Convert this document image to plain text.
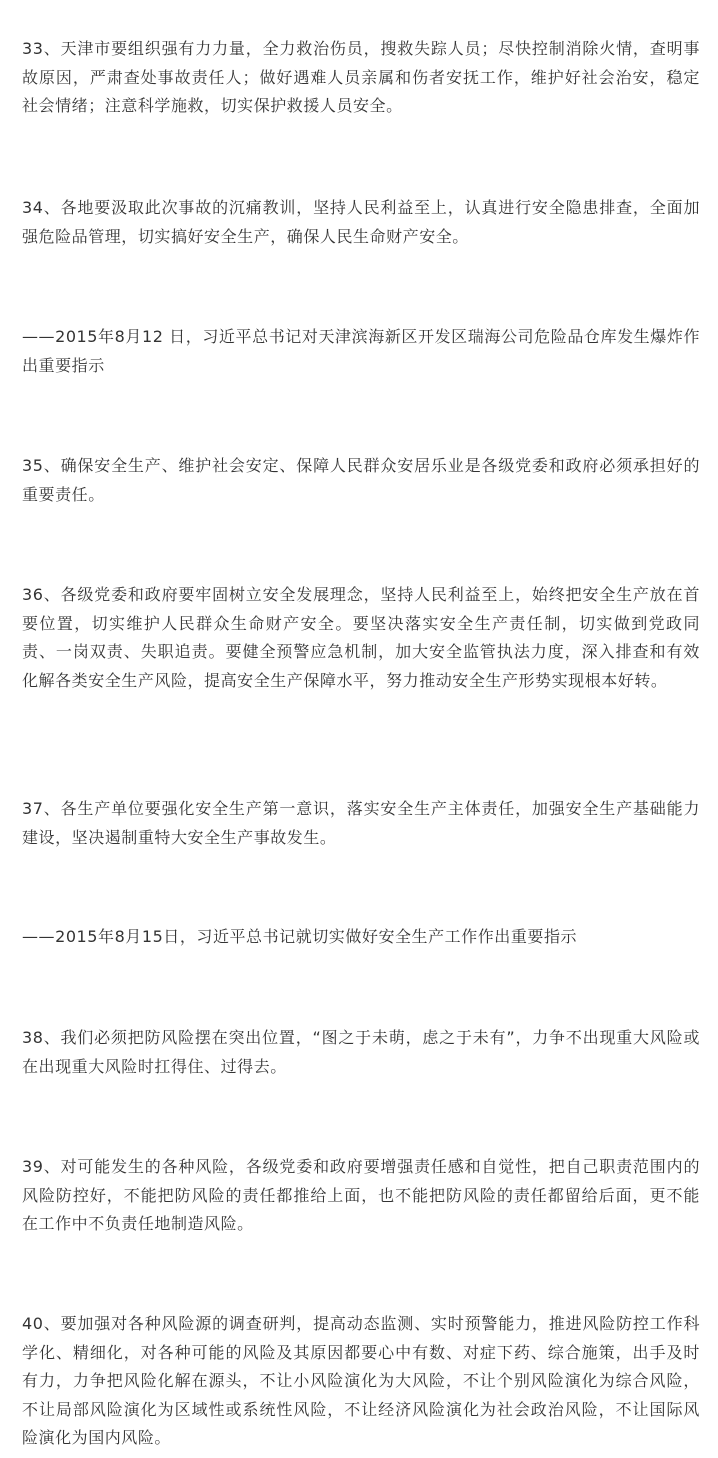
33、天津市要组织强有力力量，全力救治伤员，搜救失踪人员；尽快控制消除火情，查明事故原因，严肃查处事故责任人；做好遇难人员亲属和伤者安抚工作，维护好社会治安，稳定社会情绪；注意科学施救，切实保护救援人员安全。

34、各地要汲取此次事故的沉痛教训，坚持人民利益至上，认真进行安全隐患排查，全面加强危险品管理，切实搞好安全生产，确保人民生命财产安全。

——2015年8月12 日，习近平总书记对天津滨海新区开发区瑞海公司危险品仓库发生爆炸作出重要指示

35、确保安全生产、维护社会安定、保障人民群众安居乐业是各级党委和政府必须承担好的重要责任。

36、各级党委和政府要牢固树立安全发展理念，坚持人民利益至上，始终把安全生产放在首要位置，切实维护人民群众生命财产安全。要坚决落实安全生产责任制，切实做到党政同责、一岗双责、失职追责。要健全预警应急机制，加大安全监管执法力度，深入排查和有效化解各类安全生产风险，提高安全生产保障水平，努力推动安全生产形势实现根本好转。

37、各生产单位要强化安全生产第一意识，落实安全生产主体责任，加强安全生产基础能力建设，坚决遏制重特大安全生产事故发生。

——2015年8月15日，习近平总书记就切实做好安全生产工作作出重要指示

38、我们必须把防风险摆在突出位置，“图之于未萌，虑之于未有”，力争不出现重大风险或在出现重大风险时扛得住、过得去。

39、对可能发生的各种风险，各级党委和政府要增强责任感和自觉性，把自己职责范围内的风险防控好，不能把防风险的责任都推给上面，也不能把防风险的责任都留给后面，更不能在工作中不负责任地制造风险。

40、要加强对各种风险源的调查研判，提高动态监测、实时预警能力，推进风险防控工作科学化、精细化，对各种可能的风险及其原因都要心中有数、对症下药、综合施策，出手及时有力，力争把风险化解在源头，不让小风险演化为大风险，不让个别风险演化为综合风险，不让局部风险演化为区域性或系统性风险，不让经济风险演化为社会政治风险，不让国际风险演化为国内风险。
